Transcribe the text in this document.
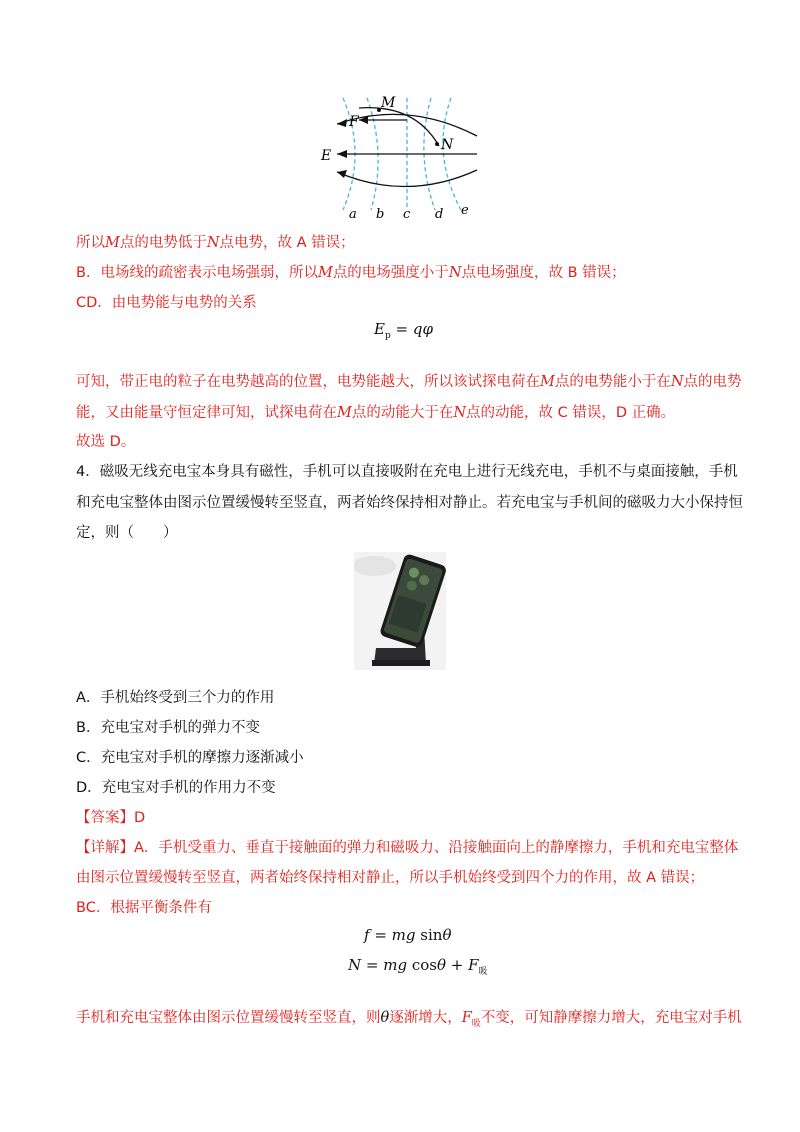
M
F
E
N
a b c d e
所以M点的电势低于N点电势，故 A 错误；
B．电场线的疏密表示电场强弱，所以M点的电场强度小于N点电场强度，故 B 错误；
CD．由电势能与电势的关系
$E_p = q\varphi$
可知，带正电的粒子在电势越高的位置，电势能越大，所以该试探电荷在M点的电势能小于在N点的电势
能，又由能量守恒定律可知，试探电荷在M点的动能大于在N点的动能，故 C 错误，D 正确。
故选 D。
4．磁吸无线充电宝本身具有磁性，手机可以直接吸附在充电上进行无线充电，手机不与桌面接触，手机
和充电宝整体由图示位置缓慢转至竖直，两者始终保持相对静止。若充电宝与手机间的磁吸力大小保持恒
定，则（　　）
A．手机始终受到三个力的作用
B．充电宝对手机的弹力不变
C．充电宝对手机的摩擦力逐渐减小
D．充电宝对手机的作用力不变
【答案】D
【详解】A．手机受重力、垂直于接触面的弹力和磁吸力、沿接触面向上的静摩擦力，手机和充电宝整体
由图示位置缓慢转至竖直，两者始终保持相对静止，所以手机始终受到四个力的作用，故 A 错误；
BC．根据平衡条件有
f = mg sinθ
N = mg $\cos\theta + F_吸$
手机和充电宝整体由图示位置缓慢转至竖直，则θ逐渐增大，$F_吸$不变，可知静摩擦力增大，充电宝对手机
